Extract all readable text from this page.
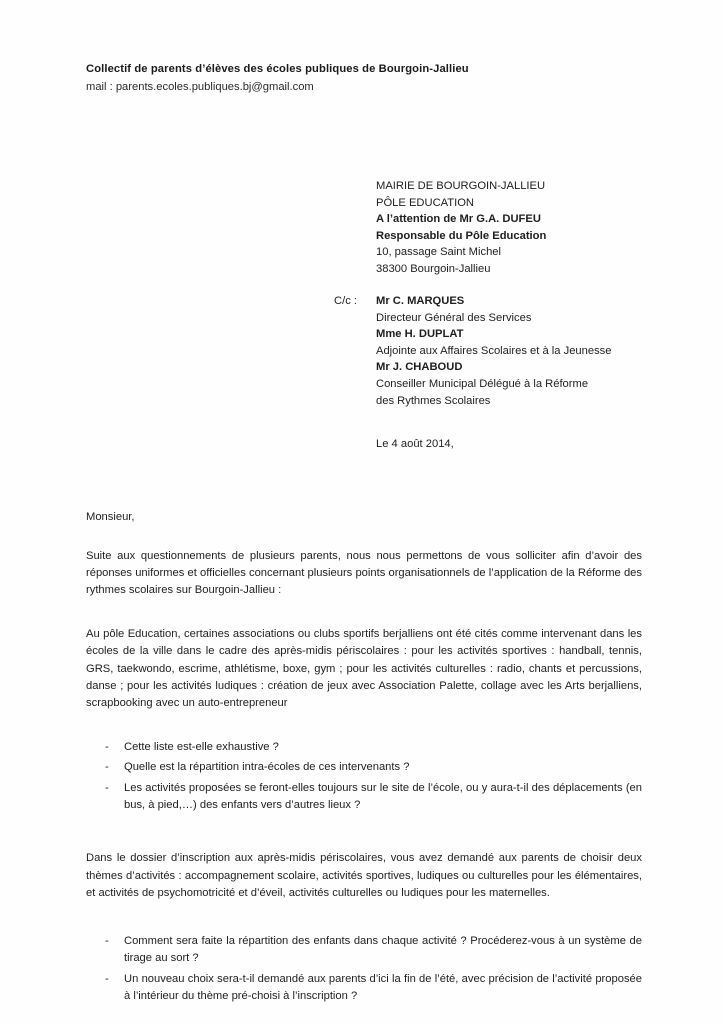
Collectif de parents d’élèves des écoles publiques de Bourgoin-Jallieu
mail : parents.ecoles.publiques.bj@gmail.com
MAIRIE DE BOURGOIN-JALLIEU
PÔLE EDUCATION
A l’attention de Mr G.A. DUFEU
Responsable du Pôle Education
10, passage Saint Michel
38300 Bourgoin-Jallieu
C/c :	Mr C. MARQUES
Directeur Général des Services
Mme H. DUPLAT
Adjointe aux Affaires Scolaires et à la Jeunesse
Mr J. CHABOUD
Conseiller Municipal Délégué à la Réforme
des Rythmes Scolaires
Le 4 août 2014,

Monsieur,

Suite aux questionnements de plusieurs parents, nous nous permettons de vous solliciter afin d’avoir des réponses uniformes et officielles concernant plusieurs points organisationnels de l’application de la Réforme des rythmes scolaires sur Bourgoin-Jallieu :

Au pôle Education, certaines associations ou clubs sportifs berjalliens ont été cités comme intervenant dans les écoles de la ville dans le cadre des après-midis périscolaires : pour les activités sportives : handball, tennis, GRS, taekwondo, escrime, athlétisme, boxe, gym ; pour les activités culturelles : radio, chants et percussions, danse ; pour les activités ludiques : création de jeux avec Association Palette, collage avec les Arts berjalliens, scrapbooking avec un auto-entrepreneur

-	Cette liste est-elle exhaustive ?
-	Quelle est la répartition intra-écoles de ces intervenants ?
-	Les activités proposées se feront-elles toujours sur le site de l’école, ou y aura-t-il des déplacements (en bus, à pied,…) des enfants vers d’autres lieux ?

Dans le dossier d’inscription aux après-midis périscolaires, vous avez demandé aux parents de choisir deux thèmes d’activités : accompagnement scolaire, activités sportives, ludiques ou culturelles pour les élémentaires, et activités de psychomotricité et d’éveil, activités culturelles ou ludiques pour les maternelles.

-	Comment sera faite la répartition des enfants dans chaque activité ? Procéderez-vous à un système de tirage au sort ?
-	Un nouveau choix sera-t-il demandé aux parents d’ici la fin de l’été, avec précision de l’activité proposée à l’intérieur du thème pré-choisi à l’inscription ?
